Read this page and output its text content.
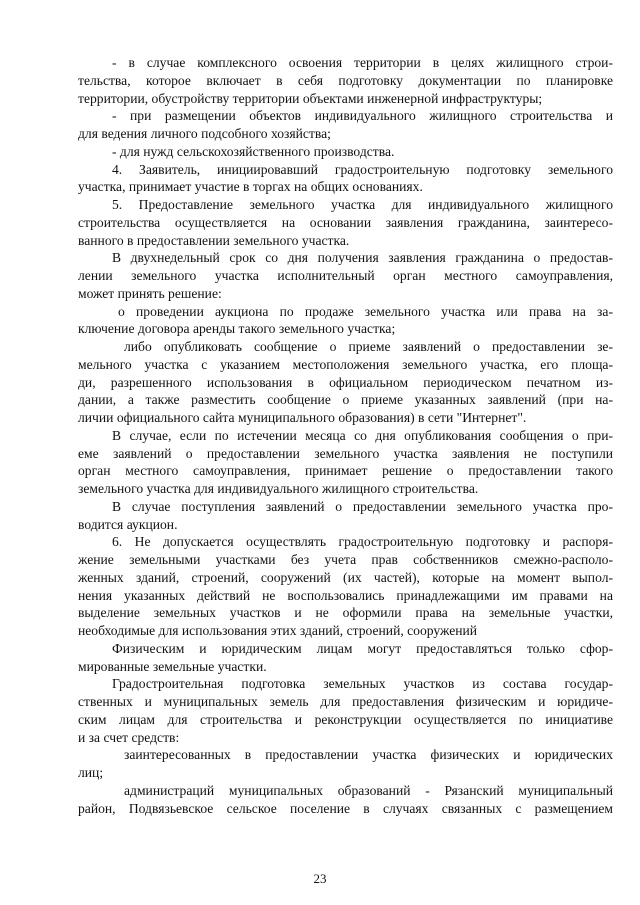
- в случае комплексного освоения территории в целях жилищного строи-
тельства, которое включает в себя подготовку документации по планировке
территории, обустройству территории объектами инженерной инфраструктуры;
- при размещении объектов индивидуального жилищного строительства и
для ведения личного подсобного хозяйства;
- для нужд сельскохозяйственного производства.
4. Заявитель, инициировавший градостроительную подготовку земельного
участка, принимает участие в торгах на общих основаниях.
5. Предоставление земельного участка для индивидуального жилищного
строительства осуществляется на основании заявления гражданина, заинтересо-
ванного в предоставлении земельного участка.
В двухнедельный срок со дня получения заявления гражданина о предостав-
лении земельного участка исполнительный орган местного самоуправления,
может принять решение:
о проведении аукциона по продаже земельного участка или права на за-
ключение договора аренды такого земельного участка;
либо опубликовать сообщение о приеме заявлений о предоставлении зе-
мельного участка с указанием местоположения земельного участка, его площа-
ди, разрешенного использования в официальном периодическом печатном из-
дании, а также разместить сообщение о приеме указанных заявлений (при на-
личии официального сайта муниципального образования) в сети "Интернет".
В случае, если по истечении месяца со дня опубликования сообщения о при-
еме заявлений о предоставлении земельного участка заявления не поступили
орган местного самоуправления, принимает решение о предоставлении такого
земельного участка для индивидуального жилищного строительства.
В случае поступления заявлений о предоставлении земельного участка про-
водится аукцион.
6. Не допускается осуществлять градостроительную подготовку и распоря-
жение земельными участками без учета прав собственников смежно-располо-
женных зданий, строений, сооружений (их частей), которые на момент выпол-
нения указанных действий не воспользовались принадлежащими им правами на
выделение земельных участков и не оформили права на земельные участки,
необходимые для использования этих зданий, строений, сооружений
Физическим и юридическим лицам могут предоставляться только сфор-
мированные земельные участки.
Градостроительная подготовка земельных участков из состава государ-
ственных и муниципальных земель для предоставления физическим и юридиче-
ским лицам для строительства и реконструкции осуществляется по инициативе
и за счет средств:
заинтересованных в предоставлении участка физических и юридических
лиц;
администраций муниципальных образований - Рязанский муниципальный
район, Подвязьевское сельское поселение в случаях связанных с размещением
23
